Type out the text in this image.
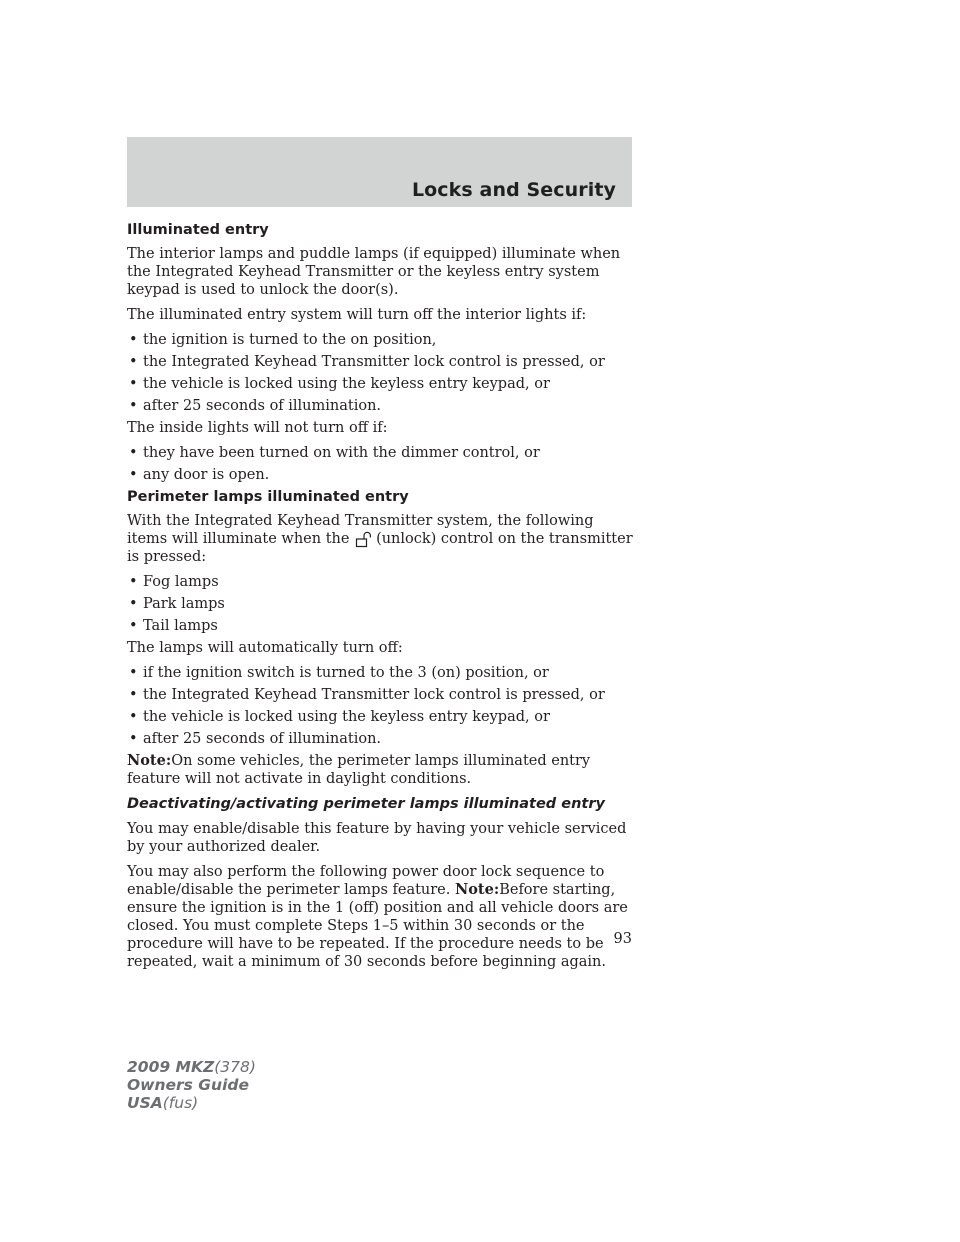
Locks and Security
Illuminated entry

The interior lamps and puddle lamps (if equipped) illuminate when the Integrated Keyhead Transmitter or the keyless entry system keypad is used to unlock the door(s).

The illuminated entry system will turn off the interior lights if:

• the ignition is turned to the on position,
• the Integrated Keyhead Transmitter lock control is pressed, or
• the vehicle is locked using the keyless entry keypad, or
• after 25 seconds of illumination.

The inside lights will not turn off if:

• they have been turned on with the dimmer control, or
• any door is open.
Perimeter lamps illuminated entry

With the Integrated Keyhead Transmitter system, the following items will illuminate when the (unlock) control on the transmitter is pressed:

• Fog lamps
• Park lamps
• Tail lamps

The lamps will automatically turn off:

• if the ignition switch is turned to the 3 (on) position, or
• the Integrated Keyhead Transmitter lock control is pressed, or
• the vehicle is locked using the keyless entry keypad, or
• after 25 seconds of illumination.

Note:On some vehicles, the perimeter lamps illuminated entry feature will not activate in daylight conditions.

Deactivating/activating perimeter lamps illuminated entry

You may enable/disable this feature by having your vehicle serviced by your authorized dealer.

You may also perform the following power door lock sequence to enable/disable the perimeter lamps feature. Note:Before starting, ensure the ignition is in the 1 (off) position and all vehicle doors are closed. You must complete Steps 1–5 within 30 seconds or the procedure will have to be repeated. If the procedure needs to be repeated, wait a minimum of 30 seconds before beginning again.

93
2009 MKZ(378)
Owners Guide
USA(fus)
